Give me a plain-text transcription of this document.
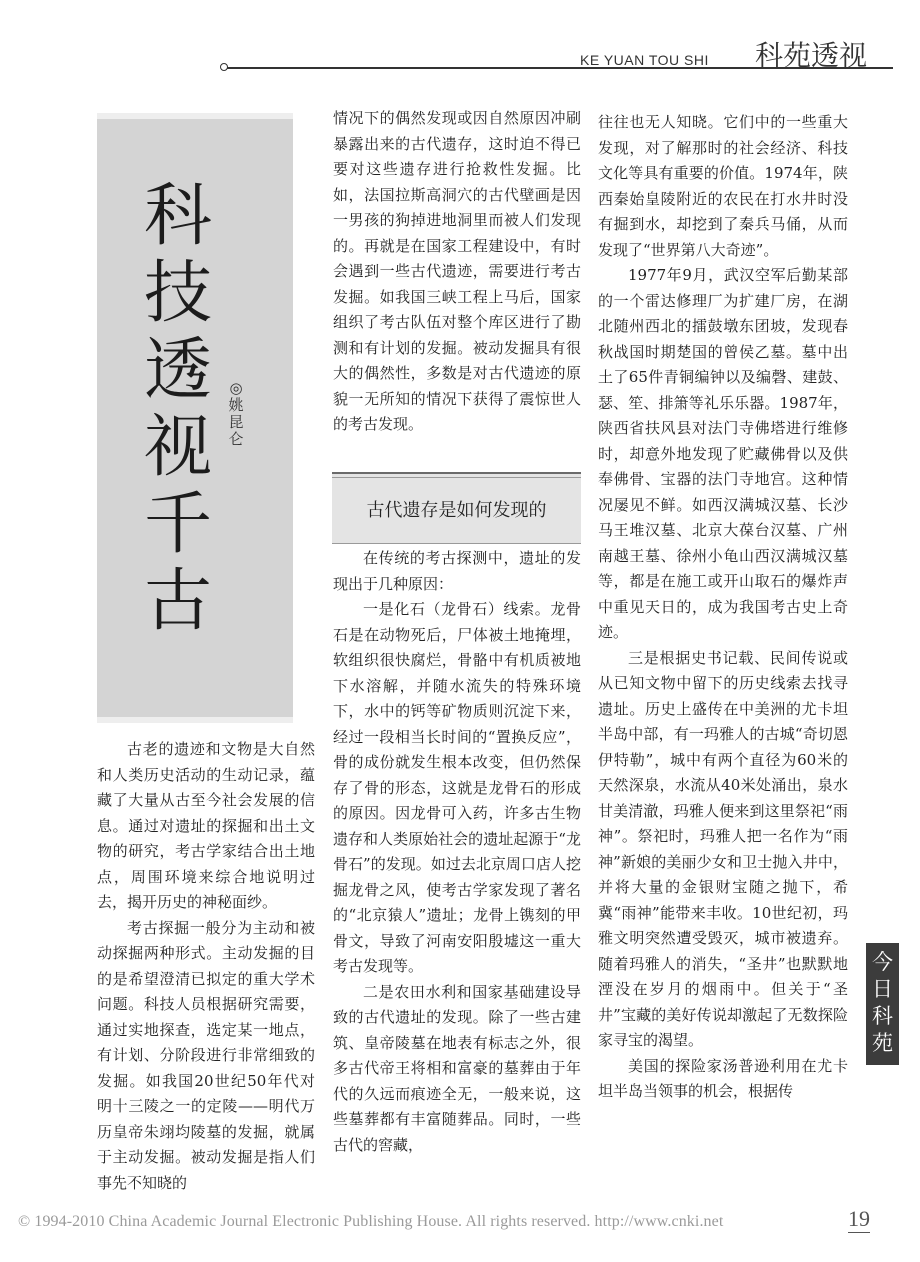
KE YUAN TOU SHI 科苑透视
科
技
透
视
千
古
◎
姚
昆
仑

古老的遗迹和文物是大自然和人类历史活动的生动记录，蕴藏了大量从古至今社会发展的信息。通过对遗址的探掘和出土文物的研究，考古学家结合出土地点，周围环境来综合地说明过去，揭开历史的神秘面纱。

考古探掘一般分为主动和被动探掘两种形式。主动发掘的目的是希望澄清已拟定的重大学术问题。科技人员根据研究需要，通过实地探查，选定某一地点，有计划、分阶段进行非常细致的发掘。如我国20世纪50年代对明十三陵之一的定陵——明代万历皇帝朱翊均陵墓的发掘，就属于主动发掘。被动发掘是指人们事先不知晓的

情况下的偶然发现或因自然原因冲刷暴露出来的古代遗存，这时迫不得已要对这些遗存进行抢救性发掘。比如，法国拉斯高洞穴的古代壁画是因一男孩的狗掉进地洞里而被人们发现的。再就是在国家工程建设中，有时会遇到一些古代遗迹，需要进行考古发掘。如我国三峡工程上马后，国家组织了考古队伍对整个库区进行了勘测和有计划的发掘。被动发掘具有很大的偶然性，多数是对古代遗迹的原貌一无所知的情况下获得了震惊世人的考古发现。

古代遗存是如何发现的

在传统的考古探测中，遗址的发现出于几种原因：

一是化石（龙骨石）线索。龙骨石是在动物死后，尸体被土地掩埋，软组织很快腐烂，骨骼中有机质被地下水溶解，并随水流失的特殊环境下，水中的钙等矿物质则沉淀下来，经过一段相当长时间的“置换反应”，骨的成份就发生根本改变，但仍然保存了骨的形态，这就是龙骨石的形成的原因。因龙骨可入药，许多古生物遗存和人类原始社会的遗址起源于“龙骨石”的发现。如过去北京周口店人挖掘龙骨之风，使考古学家发现了著名的“北京猿人”遗址；龙骨上镌刻的甲骨文，导致了河南安阳殷墟这一重大考古发现等。

二是农田水利和国家基础建设导致的古代遗址的发现。除了一些古建筑、皇帝陵墓在地表有标志之外，很多古代帝王将相和富豪的墓葬由于年代的久远而痕迹全无，一般来说，这些墓葬都有丰富随葬品。同时，一些古代的窖藏，

往往也无人知晓。它们中的一些重大发现，对了解那时的社会经济、科技文化等具有重要的价值。1974年，陕西秦始皇陵附近的农民在打水井时没有掘到水，却挖到了秦兵马俑，从而发现了“世界第八大奇迹”。

1977年9月，武汉空军后勤某部的一个雷达修理厂为扩建厂房，在湖北随州西北的擂鼓墩东团坡，发现春秋战国时期楚国的曾侯乙墓。墓中出土了65件青铜编钟以及编磬、建鼓、瑟、笙、排箫等礼乐乐器。1987年，陕西省扶风县对法门寺佛塔进行维修时，却意外地发现了贮藏佛骨以及供奉佛骨、宝器的法门寺地宫。这种情况屡见不鲜。如西汉满城汉墓、长沙马王堆汉墓、北京大葆台汉墓、广州南越王墓、徐州小龟山西汉满城汉墓等，都是在施工或开山取石的爆炸声中重见天日的，成为我国考古史上奇迹。

三是根据史书记载、民间传说或从已知文物中留下的历史线索去找寻遗址。历史上盛传在中美洲的尤卡坦半岛中部，有一玛雅人的古城“奇切恩伊特勒”，城中有两个直径为60米的天然深泉，水流从40米处涌出，泉水甘美清澈，玛雅人便来到这里祭祀“雨神”。祭祀时，玛雅人把一名作为“雨神”新娘的美丽少女和卫士抛入井中，并将大量的金银财宝随之抛下，希冀“雨神”能带来丰收。10世纪初，玛雅文明突然遭受毁灭，城市被遗弃。随着玛雅人的消失，“圣井”也默默地湮没在岁月的烟雨中。但关于“圣井”宝藏的美好传说却激起了无数探险家寻宝的渴望。

美国的探险家汤普逊利用在尤卡坦半岛当领事的机会，根据传

今
日
科
苑
© 1994-2010 China Academic Journal Electronic Publishing House. All rights reserved. http://www.cnki.net	19
